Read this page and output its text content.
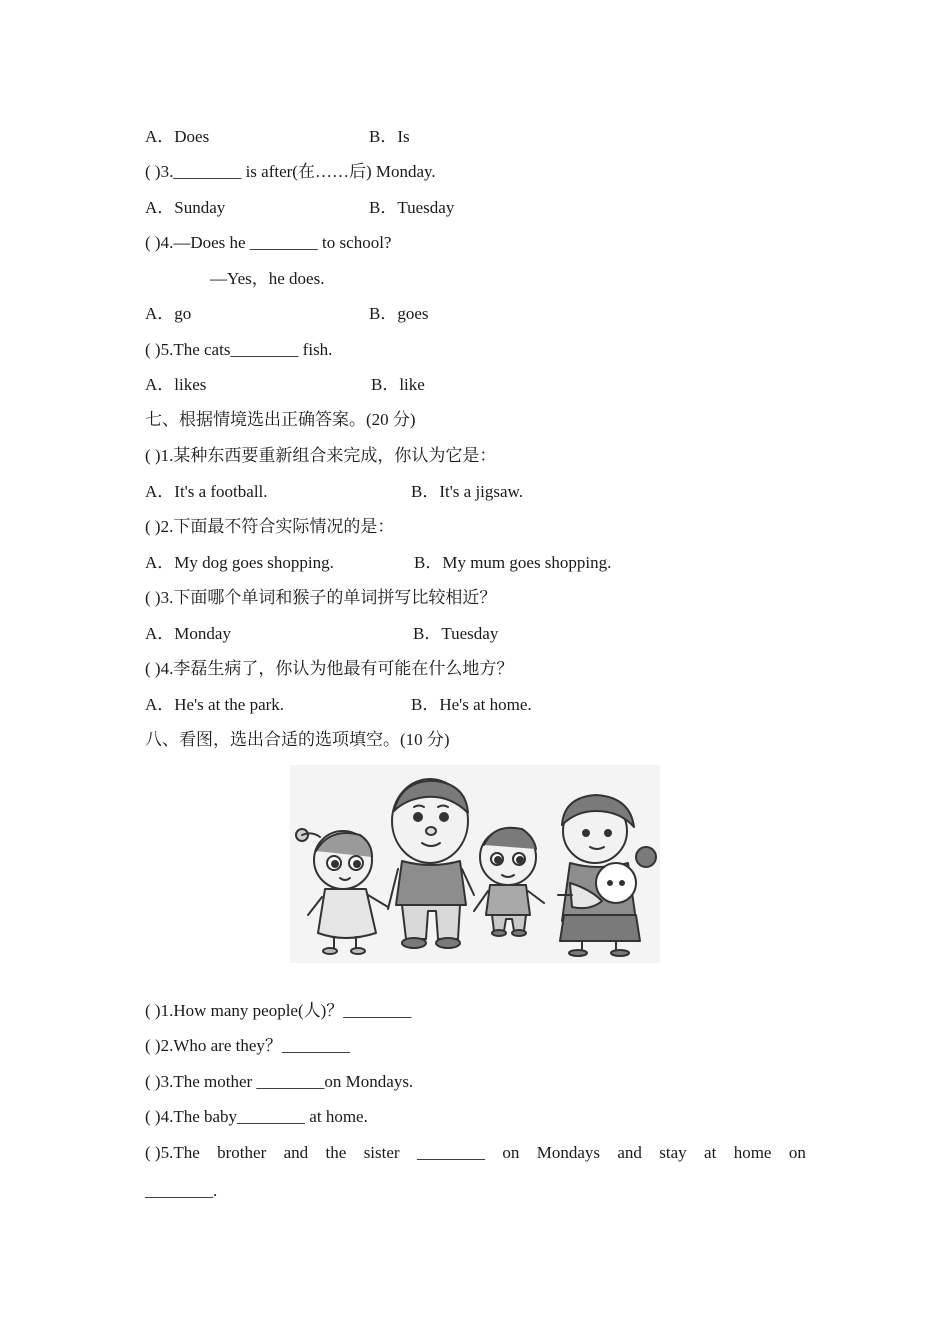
A．Does	B．Is
( )3.________ is after(在……后) Monday.
A．Sunday	B．Tuesday
( )4.—Does he ________ to school?
—Yes，he does.
A．go	B．goes
( )5.The cats________ fish.
A．likes	B．like
七、根据情境选出正确答案。(20 分)
( )1.某种东西要重新组合来完成，你认为它是：
A．It's a football.	B．It's a jigsaw.
( )2.下面最不符合实际情况的是：
A．My dog goes shopping.	B．My mum goes shopping.
( )3.下面哪个单词和猴子的单词拼写比较相近？
A．Monday	B．Tuesday
( )4.李磊生病了，你认为他最有可能在什么地方？
A．He's at the park.	B．He's at home.
八、看图，选出合适的选项填空。(10 分)
( )1.How many people(人)？________
( )2.Who are they？________
( )3.The mother ________on Mondays.
( )4.The baby________ at home.
( )5.The brother and the sister ________ on Mondays and stay at home on
________.
